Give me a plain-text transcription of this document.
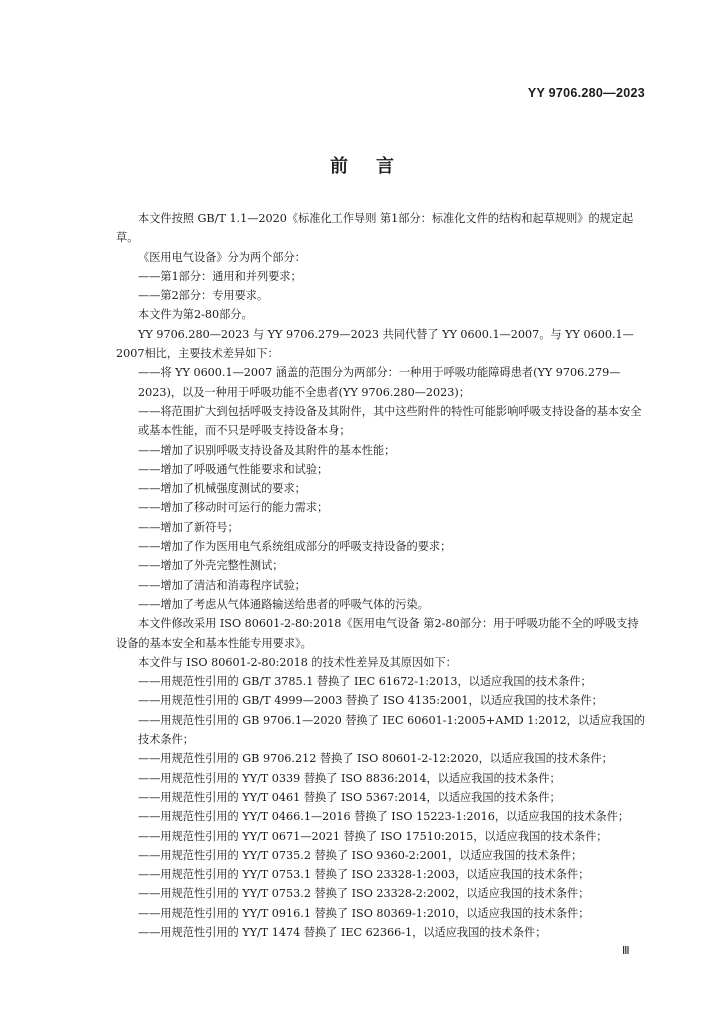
YY 9706.280—2023
前言

本文件按照 GB/T 1.1—2020《标准化工作导则 第1部分：标准化文件的结构和起草规则》的规定起草。

《医用电气设备》分为两个部分：

——第1部分：通用和并列要求；

——第2部分：专用要求。

本文件为第2-80部分。

YY 9706.280—2023 与 YY 9706.279—2023 共同代替了 YY 0600.1—2007。与 YY 0600.1—2007相比，主要技术差异如下：

——将 YY 0600.1—2007 涵盖的范围分为两部分：一种用于呼吸功能障碍患者(YY 9706.279—2023)，以及一种用于呼吸功能不全患者(YY 9706.280—2023)；

——将范围扩大到包括呼吸支持设备及其附件，其中这些附件的特性可能影响呼吸支持设备的基本安全或基本性能，而不只是呼吸支持设备本身；

——增加了识别呼吸支持设备及其附件的基本性能；

——增加了呼吸通气性能要求和试验；

——增加了机械强度测试的要求；

——增加了移动时可运行的能力需求；

——增加了新符号；

——增加了作为医用电气系统组成部分的呼吸支持设备的要求；

——增加了外壳完整性测试；

——增加了清洁和消毒程序试验；

——增加了考虑从气体通路输送给患者的呼吸气体的污染。

本文件修改采用 ISO 80601-2-80:2018《医用电气设备 第2-80部分：用于呼吸功能不全的呼吸支持设备的基本安全和基本性能专用要求》。

本文件与 ISO 80601-2-80:2018 的技术性差异及其原因如下：

——用规范性引用的 GB/T 3785.1 替换了 IEC 61672-1:2013，以适应我国的技术条件；

——用规范性引用的 GB/T 4999—2003 替换了 ISO 4135:2001，以适应我国的技术条件；

——用规范性引用的 GB 9706.1—2020 替换了 IEC 60601-1:2005+AMD 1:2012，以适应我国的技术条件；

——用规范性引用的 GB 9706.212 替换了 ISO 80601-2-12:2020，以适应我国的技术条件；

——用规范性引用的 YY/T 0339 替换了 ISO 8836:2014，以适应我国的技术条件；

——用规范性引用的 YY/T 0461 替换了 ISO 5367:2014，以适应我国的技术条件；

——用规范性引用的 YY/T 0466.1—2016 替换了 ISO 15223-1:2016，以适应我国的技术条件；

——用规范性引用的 YY/T 0671—2021 替换了 ISO 17510:2015，以适应我国的技术条件；

——用规范性引用的 YY/T 0735.2 替换了 ISO 9360-2:2001，以适应我国的技术条件；

——用规范性引用的 YY/T 0753.1 替换了 ISO 23328-1:2003，以适应我国的技术条件；

——用规范性引用的 YY/T 0753.2 替换了 ISO 23328-2:2002，以适应我国的技术条件；

——用规范性引用的 YY/T 0916.1 替换了 ISO 80369-1:2010，以适应我国的技术条件；

——用规范性引用的 YY/T 1474 替换了 IEC 62366-1，以适应我国的技术条件；

Ⅲ
